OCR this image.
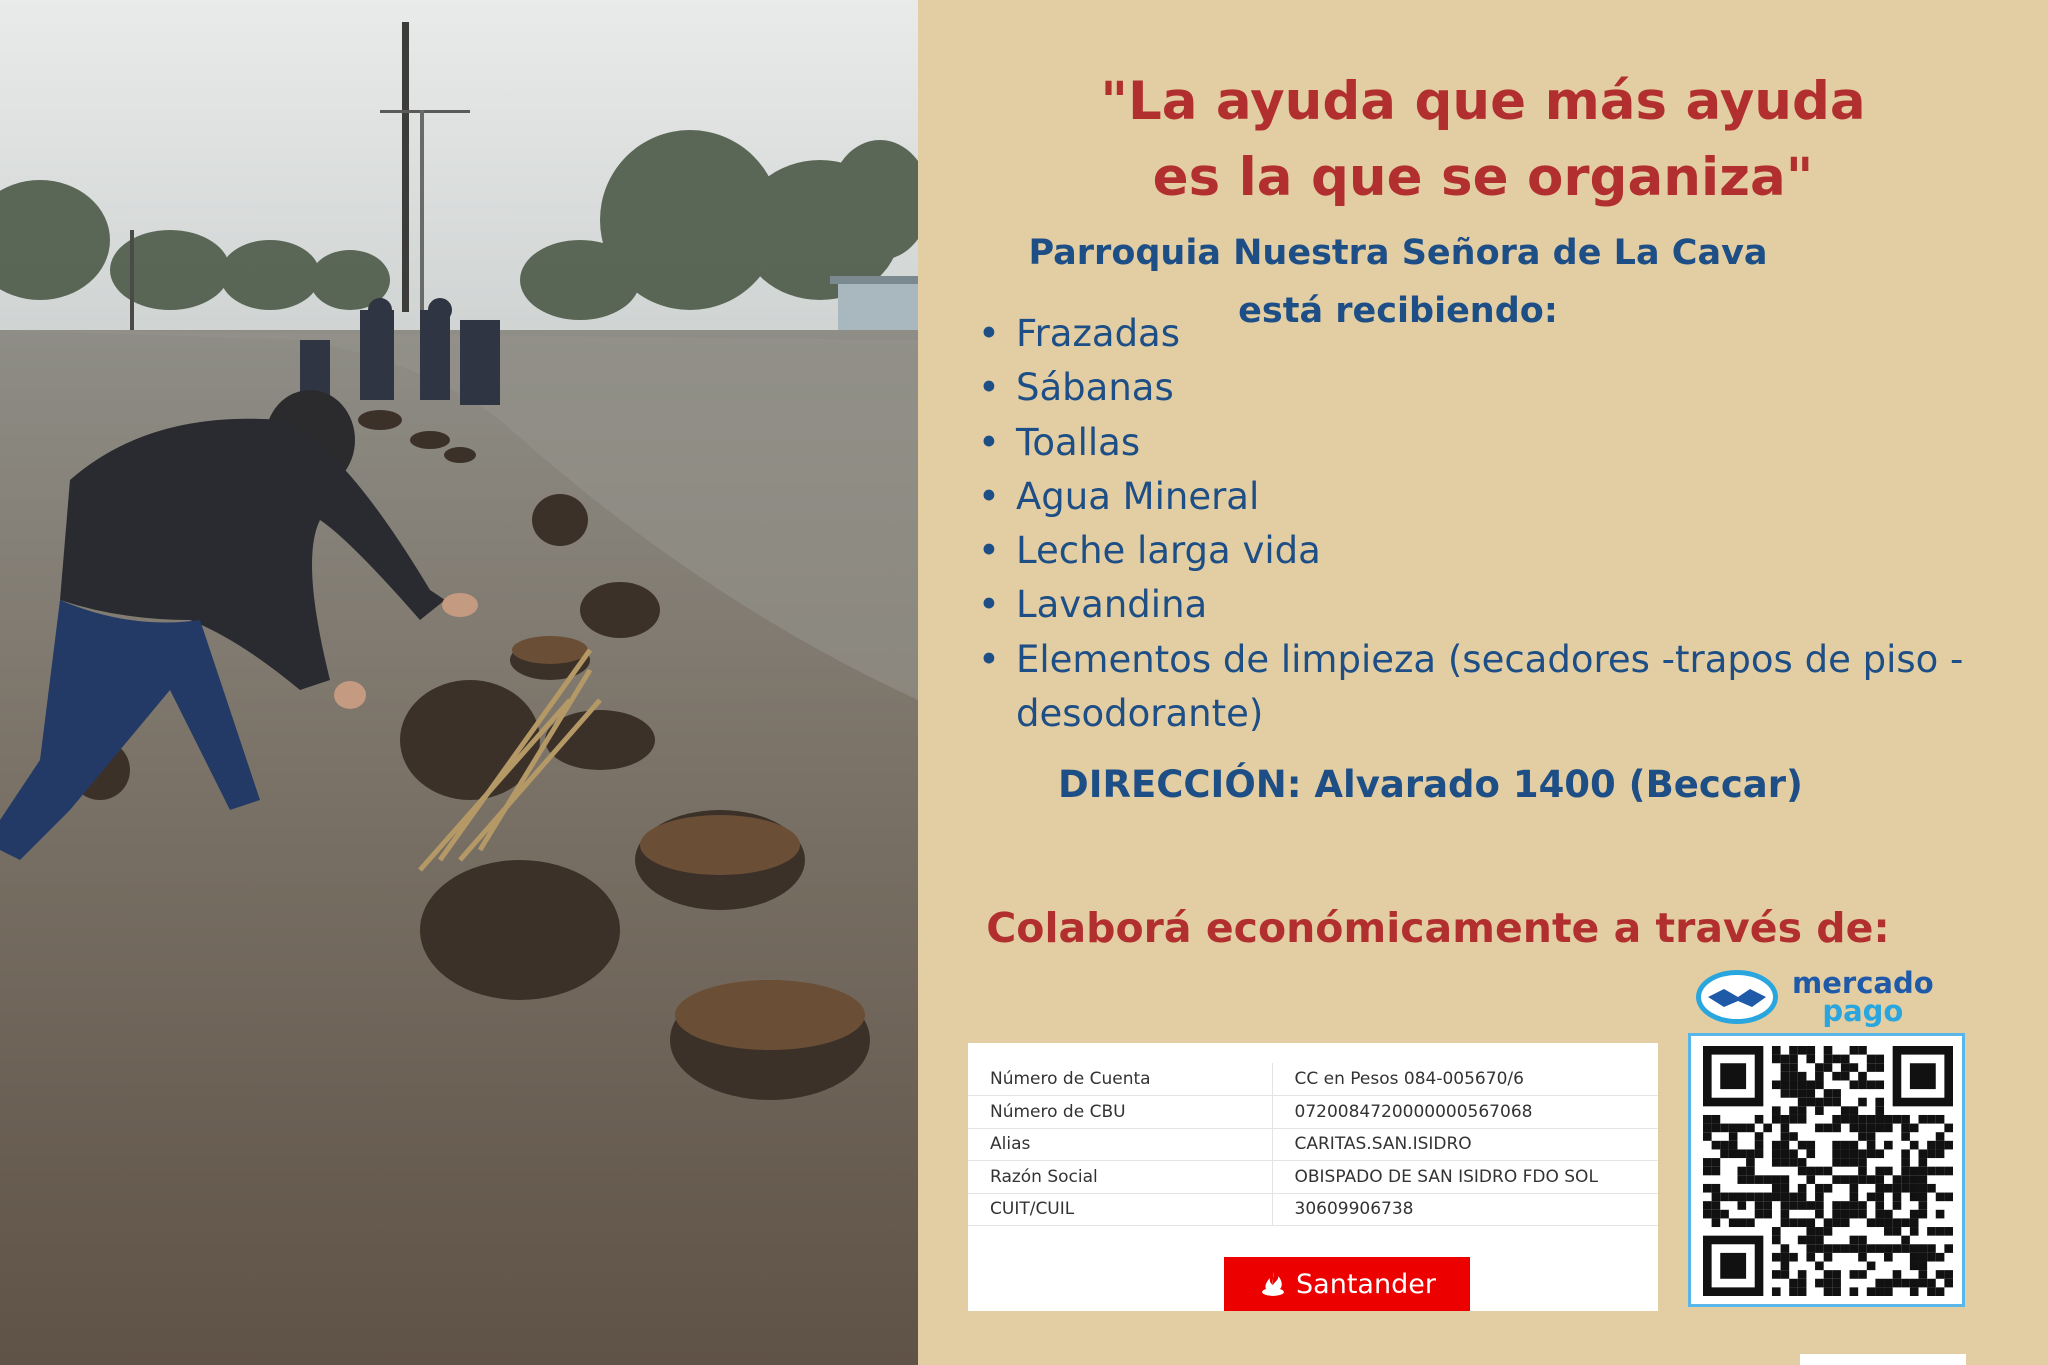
"La ayuda que más ayuda
es la que se organiza"
Parroquia Nuestra Señora de La Cava está recibiendo:
• Frazadas
• Sábanas
• Toallas
• Agua Mineral
• Leche larga vida
• Lavandina
• Elementos de limpieza (secadores -trapos de piso - desodorante)
DIRECCIÓN: Alvarado 1400 (Beccar)
Colaborá económicamente a través de:
Número de Cuenta	CC en Pesos 084-005670/6
Número de CBU	0720084720000000567068
Alias	CARITAS.SAN.ISIDRO
Razón Social	OBISPADO DE SAN ISIDRO FDO SOL
CUIT/CUIL	30609906738
Santander
mercado
pago
